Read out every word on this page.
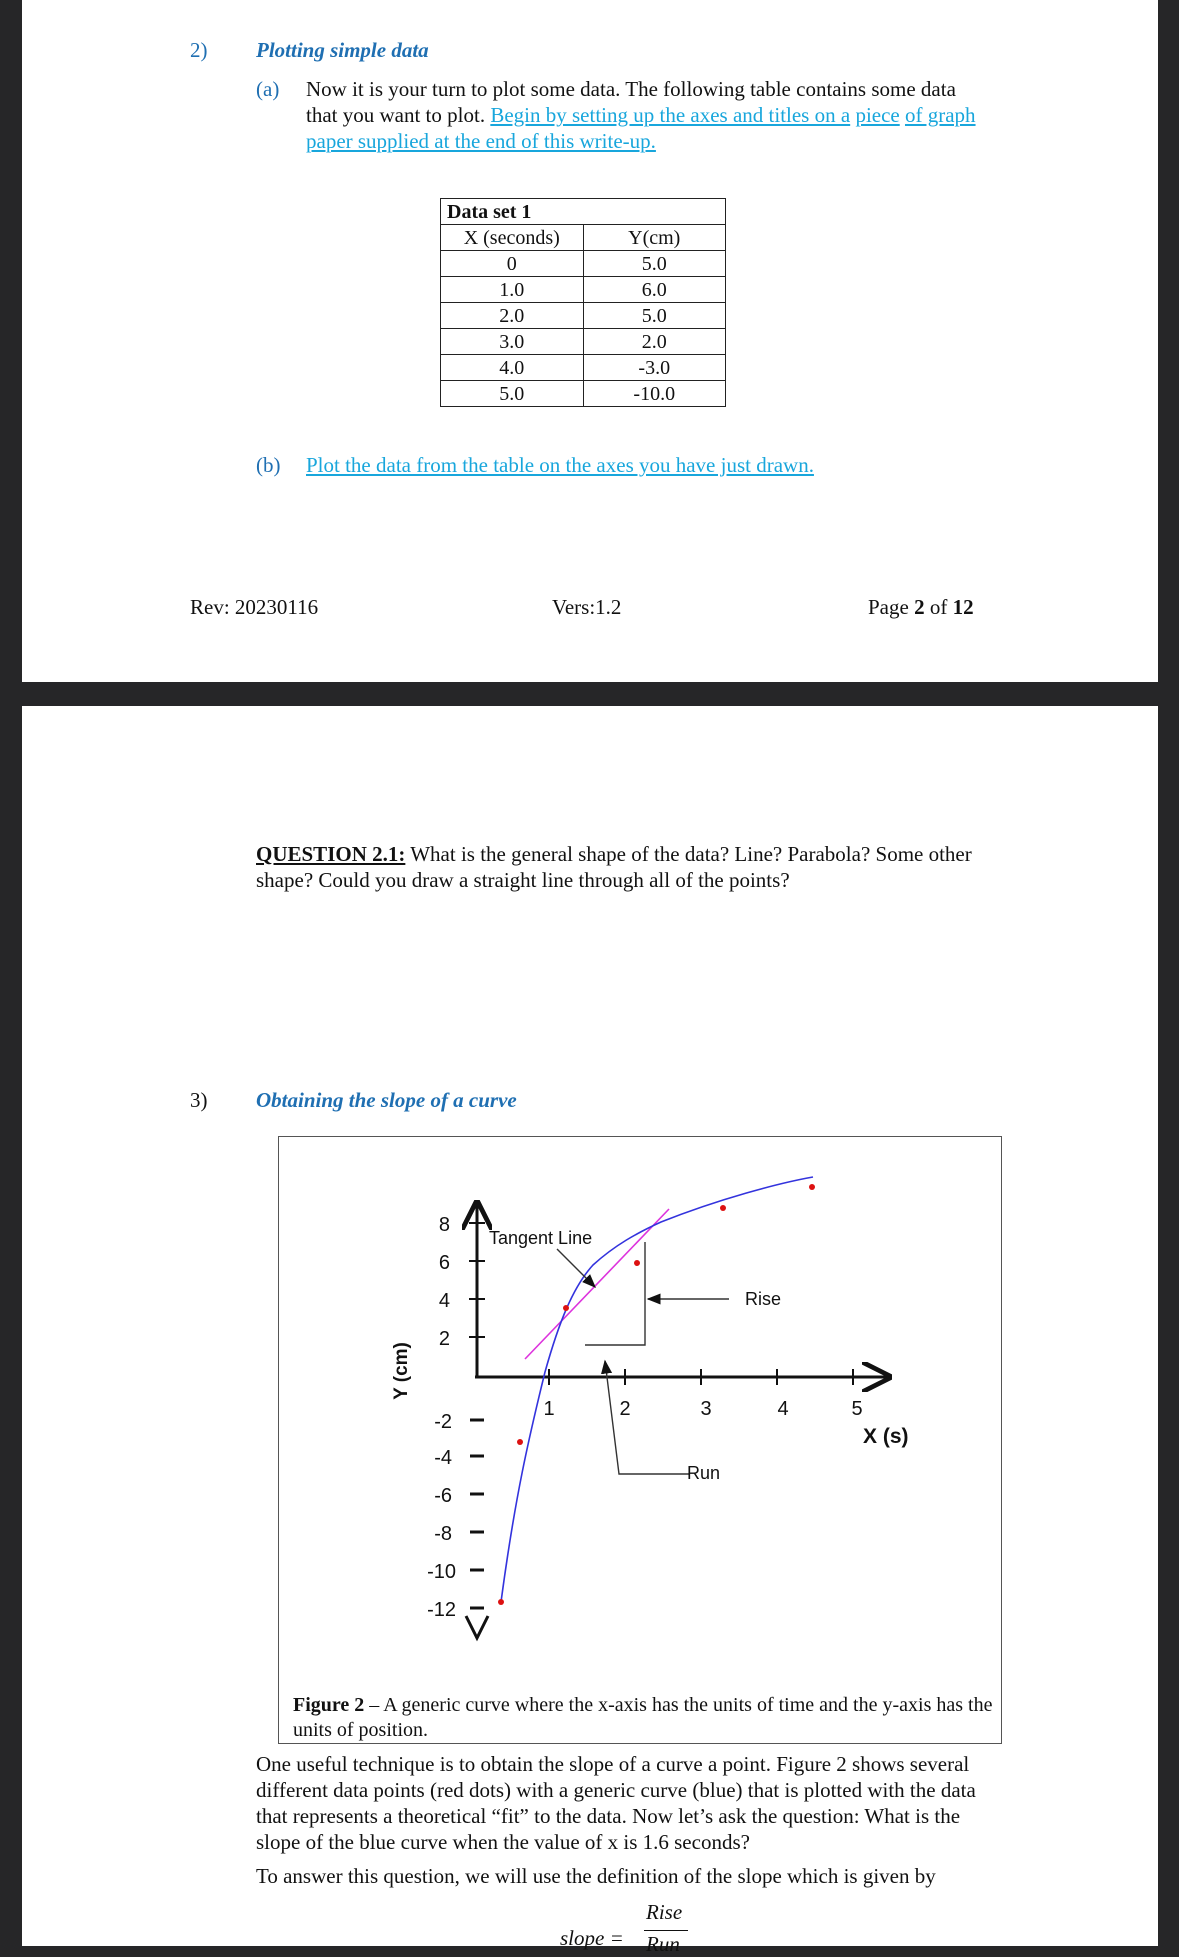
2) Plotting simple data
(a) Now it is your turn to plot some data. The following table contains some data that you want to plot. Begin by setting up the axes and titles on a piece of graph paper supplied at the end of this write-up.
Data set 1	
X (seconds)	Y(cm)
0	5.0
1.0	6.0
2.0	5.0
3.0	2.0
4.0	-3.0
5.0	-10.0
(b) Plot the data from the table on the axes you have just drawn.
Rev: 20230116	Vers:1.2	Page 2 of 12
QUESTION 2.1: What is the general shape of the data? Line? Parabola? Some other shape? Could you draw a straight line through all of the points?
3) Obtaining the slope of a curve
8
6
4
2
-2
-4
-6
-8
-10
-12
1	2	3	4	5
X (s)
Y (cm)
Tangent Line
Rise
Run
Figure 2 – A generic curve where the x-axis has the units of time and the y-axis has the units of position.
One useful technique is to obtain the slope of a curve a point. Figure 2 shows several different data points (red dots) with a generic curve (blue) that is plotted with the data that represents a theoretical “fit” to the data. Now let’s ask the question: What is the slope of the blue curve when the value of x is 1.6 seconds?
To answer this question, we will use the definition of the slope which is given by
slope =
Rise
Run
